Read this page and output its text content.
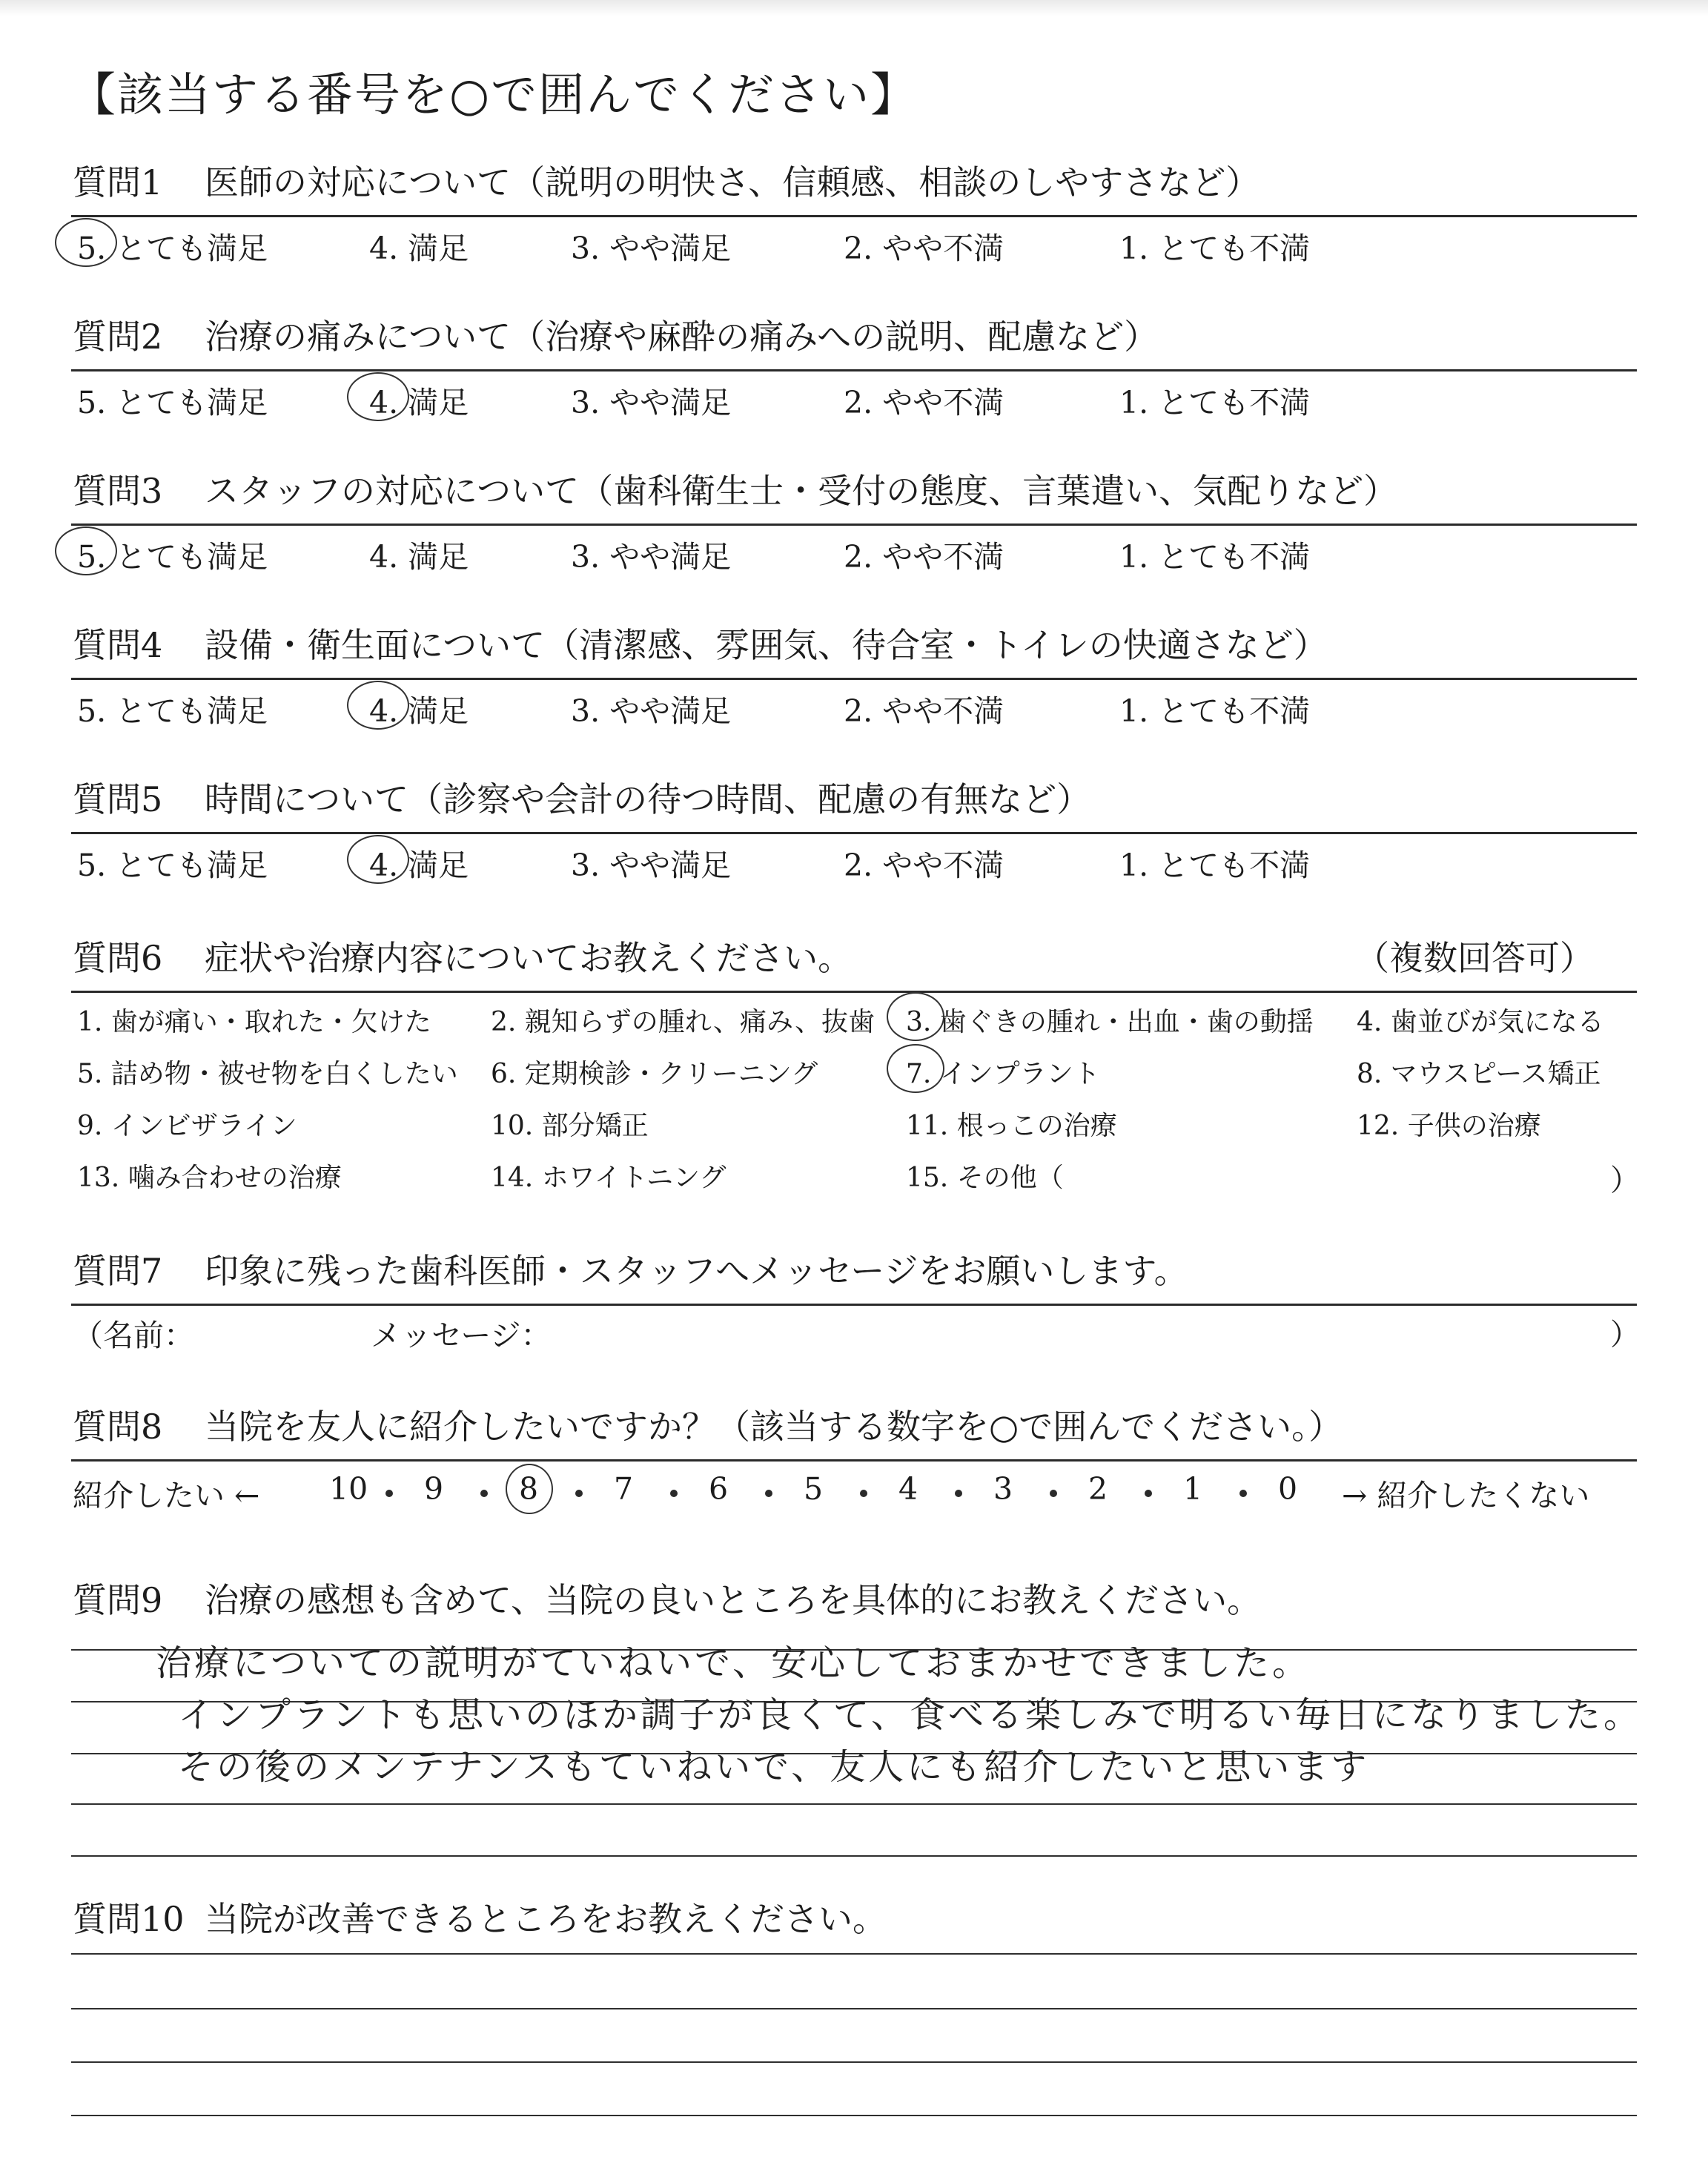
【該当する番号を○で囲んでください】
質問1 医師の対応について（説明の明快さ、信頼感、相談のしやすさなど）
5. とても満足	4. 満足	3. やや満足	2. やや不満	1. とても不満
質問2 治療の痛みについて（治療や麻酔の痛みへの説明、配慮など）
5. とても満足	4. 満足	3. やや満足	2. やや不満	1. とても不満
質問3 スタッフの対応について（歯科衛生士・受付の態度、言葉遣い、気配りなど）
5. とても満足	4. 満足	3. やや満足	2. やや不満	1. とても不満
質問4 設備・衛生面について（清潔感、雰囲気、待合室・トイレの快適さなど）
5. とても満足	4. 満足	3. やや満足	2. やや不満	1. とても不満
質問5 時間について（診察や会計の待つ時間、配慮の有無など）
5. とても満足	4. 満足	3. やや満足	2. やや不満	1. とても不満
質問6 症状や治療内容についてお教えください。	（複数回答可）
1. 歯が痛い・取れた・欠けた 2. 親知らずの腫れ、痛み、抜歯 3. 歯ぐきの腫れ・出血・歯の動揺 4. 歯並びが気になる
5. 詰め物・被せ物を白くしたい 6. 定期検診・クリーニング	7. インプラント	8. マウスピース矯正
9. インビザライン	10. 部分矯正	11. 根っこの治療	12. 子供の治療
13. 噛み合わせの治療	14. ホワイトニング	15. その他（	）
質問7 印象に残った歯科医師・スタッフへメッセージをお願いします。
（名前：	メッセージ：	）
質問8 当院を友人に紹介したいですか？（該当する数字を○で囲んでください。）
紹介したい ← 10 9 8 7 6 5 4 3 2 1 0 → 紹介したくない
質問9 治療の感想も含めて、当院の良いところを具体的にお教えください。
治療についての説明がていねいで、安心しておまかせできました。
インプラントも思いのほか調子が良くて、食べる楽しみで明るい毎日になりました。
その後のメンテナンスもていねいで、友人にも紹介したいと思います
質問10 当院が改善できるところをお教えください。
